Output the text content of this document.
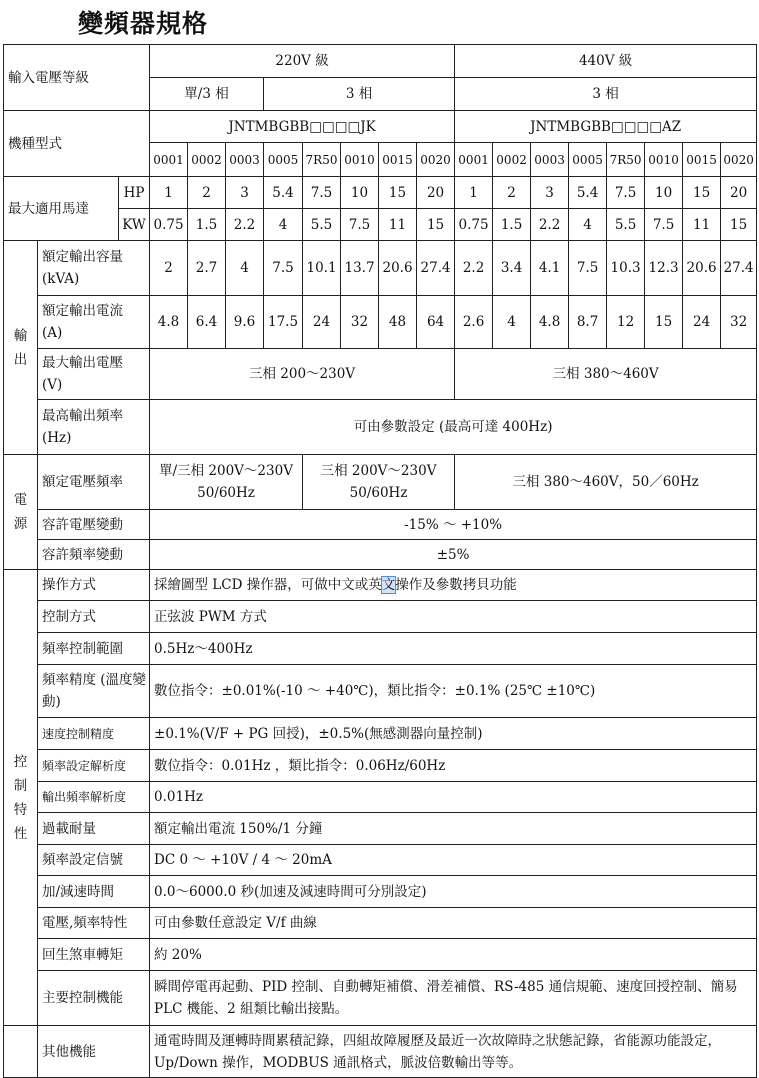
變頻器規格
輸入電壓等級			220V 級								440V 級							
			單/3 相			3 相					3 相							
機種型式			JNTMBGBB□□□□JK								JNTMBGBB□□□□AZ							
			0001	0002	0003	0005	7R50	0010	0015	0020	0001	0002	0003	0005	7R50	0010	0015	0020
最大適用馬達		HP	1	2	3	5.4	7.5	10	15	20	1	2	3	5.4	7.5	10	15	20
		KW	0.75	1.5	2.2	4	5.5	7.5	11	15	0.75	1.5	2.2	4	5.5	7.5	11	15
輸出	額定輸出容量 (kVA)		2	2.7	4	7.5	10.1	13.7	20.6	27.4	2.2	3.4	4.1	7.5	10.3	12.3	20.6	27.4
	額定輸出電流 (A)		4.8	6.4	9.6	17.5	24	32	48	64	2.6	4	4.8	8.7	12	15	24	32
	最大輸出電壓 (V)		三相 200～230V								三相 380～460V							
	最高輸出頻率 (Hz)		可由參數設定 (最高可達 400Hz)															
電源	額定電壓頻率		單/三相 200V～230V 50/60Hz				三相 200V～230V 50/60Hz				三相 380～460V，50／60Hz							
	容許電壓變動		-15% ～ +10%															
	容許頻率變動		±5%															
控制特性	操作方式		採繪圖型 LCD 操作器，可做中文或英文操作及參數拷貝功能															
	控制方式		正弦波 PWM 方式															
	頻率控制範圍		0.5Hz～400Hz															
	頻率精度 (溫度變動)		數位指令：±0.01%(-10 ～ +40℃)，類比指令：±0.1% (25℃ ±10℃)															
	速度控制精度		±0.1%(V/F + PG 回授)，±0.5%(無感測器向量控制)															
	頻率設定解析度		數位指令：0.01Hz ，類比指令：0.06Hz/60Hz															
	輸出頻率解析度		0.01Hz															
	過載耐量		額定輸出電流 150%/1 分鐘															
	頻率設定信號		DC 0 ～ +10V / 4 ～ 20mA															
	加/減速時間		0.0～6000.0 秒(加速及減速時間可分別設定)															
	電壓,頻率特性		可由參數任意設定 V/f 曲線															
	回生煞車轉矩		約 20%															
	主要控制機能		瞬間停電再起動、PID 控制、自動轉矩補償、滑差補償、RS-485 通信規範、速度回授控制、簡易 PLC 機能、2 組類比輸出接點。															
	其他機能		通電時間及運轉時間累積記錄，四組故障履歷及最近一次故障時之狀態記錄，省能源功能設定，Up/Down 操作，MODBUS 通訊格式，脈波倍數輸出等等。															
